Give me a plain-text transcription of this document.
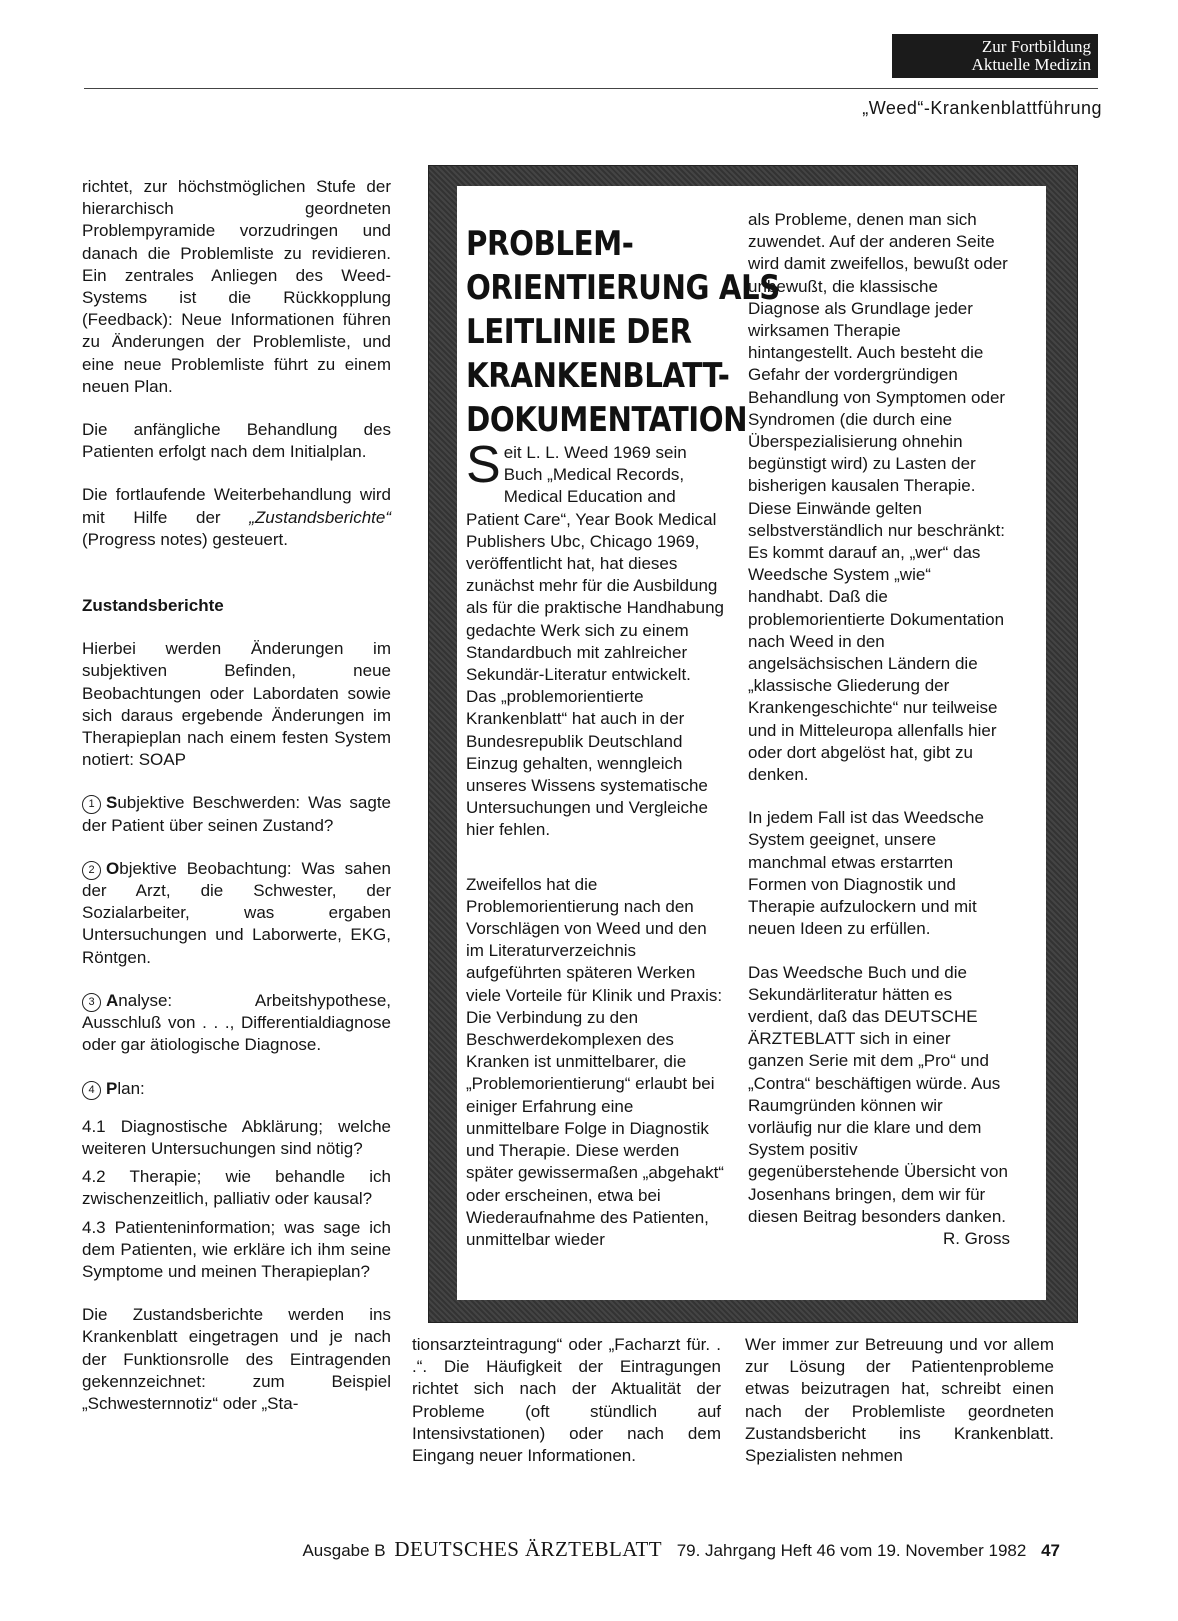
Zur Fortbildung
Aktuelle Medizin
„Weed“-Krankenblattführung

richtet, zur höchstmöglichen Stufe der hierarchisch geordneten Problempyramide vorzudringen und danach die Problemliste zu revidieren. Ein zentrales Anliegen des Weed-Systems ist die Rückkopplung (Feedback): Neue Informationen führen zu Änderungen der Problemliste, und eine neue Problemliste führt zu einem neuen Plan.

Die anfängliche Behandlung des Patienten erfolgt nach dem Initialplan.

Die fortlaufende Weiterbehandlung wird mit Hilfe der „Zustandsberichte“ (Progress notes) gesteuert.

Zustandsberichte

Hierbei werden Änderungen im subjektiven Befinden, neue Beobachtungen oder Labordaten sowie sich daraus ergebende Änderungen im Therapieplan nach einem festen System notiert: SOAP

1 Subjektive Beschwerden: Was sagte der Patient über seinen Zustand?

2 Objektive Beobachtung: Was sahen der Arzt, die Schwester, der Sozialarbeiter, was ergaben Untersuchungen und Laborwerte, EKG, Röntgen.

3 Analyse: Arbeitshypothese, Ausschluß von . . ., Differentialdiagnose oder gar ätiologische Diagnose.

4 Plan:

4.1 Diagnostische Abklärung; welche weiteren Untersuchungen sind nötig?

4.2 Therapie; wie behandle ich zwischenzeitlich, palliativ oder kausal?

4.3 Patienteninformation; was sage ich dem Patienten, wie erkläre ich ihm seine Symptome und meinen Therapieplan?

Die Zustandsberichte werden ins Krankenblatt eingetragen und je nach der Funktionsrolle des Eintragenden gekennzeichnet: zum Beispiel „Schwesternnotiz“ oder „Sta-

PROBLEM-
ORIENTIERUNG ALS
LEITLINIE DER
KRANKENBLATT-
DOKUMENTATION

Seit L. L. Weed 1969 sein Buch „Medical Records, Medical Education and Patient Care“, Year Book Medical Publishers Ubc, Chicago 1969, veröffentlicht hat, hat dieses zunächst mehr für die Ausbildung als für die praktische Handhabung gedachte Werk sich zu einem Standardbuch mit zahlreicher Sekundär-Literatur entwickelt. Das „problemorientierte Krankenblatt“ hat auch in der Bundesrepublik Deutschland Einzug gehalten, wenngleich unseres Wissens systematische Untersuchungen und Vergleiche hier fehlen.

Zweifellos hat die Problemorientierung nach den Vorschlägen von Weed und den im Literaturverzeichnis aufgeführten späteren Werken viele Vorteile für Klinik und Praxis: Die Verbindung zu den Beschwerdekomplexen des Kranken ist unmittelbarer, die „Problemorientierung“ erlaubt bei einiger Erfahrung eine unmittelbare Folge in Diagnostik und Therapie. Diese werden später gewissermaßen „abgehakt“ oder erscheinen, etwa bei Wiederaufnahme des Patienten, unmittelbar wieder

als Probleme, denen man sich zuwendet. Auf der anderen Seite wird damit zweifellos, bewußt oder unbewußt, die klassische Diagnose als Grundlage jeder wirksamen Therapie hintangestellt. Auch besteht die Gefahr der vordergründigen Behandlung von Symptomen oder Syndromen (die durch eine Überspezialisierung ohnehin begünstigt wird) zu Lasten der bisherigen kausalen Therapie. Diese Einwände gelten selbstverständlich nur beschränkt: Es kommt darauf an, „wer“ das Weedsche System „wie“ handhabt. Daß die problemorientierte Dokumentation nach Weed in den angelsächsischen Ländern die „klassische Gliederung der Krankengeschichte“ nur teilweise und in Mitteleuropa allenfalls hier oder dort abgelöst hat, gibt zu denken.

In jedem Fall ist das Weedsche System geeignet, unsere manchmal etwas erstarrten Formen von Diagnostik und Therapie aufzulockern und mit neuen Ideen zu erfüllen.

Das Weedsche Buch und die Sekundärliteratur hätten es verdient, daß das DEUTSCHE ÄRZTEBLATT sich in einer ganzen Serie mit dem „Pro“ und „Contra“ beschäftigen würde. Aus Raumgründen können wir vorläufig nur die klare und dem System positiv gegenüberstehende Übersicht von Josenhans bringen, dem wir für diesen Beitrag besonders danken.
R. Gross

tionsarzteintragung“ oder „Facharzt für. . .“. Die Häufigkeit der Eintragungen richtet sich nach der Aktualität der Probleme (oft stündlich auf Intensivstationen) oder nach dem Eingang neuer Informationen.

Wer immer zur Betreuung und vor allem zur Lösung der Patientenprobleme etwas beizutragen hat, schreibt einen nach der Problemliste geordneten Zustandsbericht ins Krankenblatt. Spezialisten nehmen

Ausgabe B DEUTSCHES ÄRZTEBLATT 79. Jahrgang Heft 46 vom 19. November 1982 47
